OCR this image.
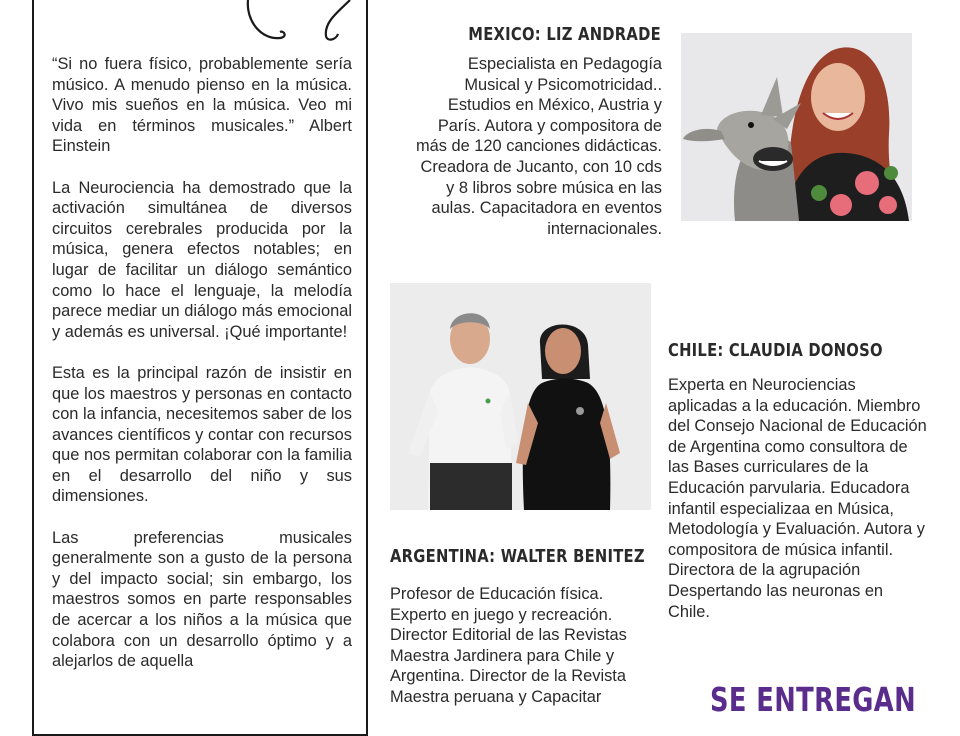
“Si no fuera físico, probablemente sería músico. A menudo pienso en la música. Vivo mis sueños en la música. Veo mi vida en términos musicales.” Albert Einstein

La Neurociencia ha demostrado que la activación simultánea de diversos circuitos cerebrales producida por la música, genera efectos notables; en lugar de facilitar un diálogo semántico como lo hace el lenguaje, la melodía parece mediar un diálogo más emocional y además es universal. ¡Qué importante!

Esta es la principal razón de insistir en que los maestros y personas en contacto con la infancia, necesitemos saber de los avances científicos y contar con recursos que nos permitan colaborar con la familia en el desarrollo del niño y sus dimensiones.

Las preferencias musicales generalmente son a gusto de la persona y del impacto social; sin embargo, los maestros somos en parte responsables de acercar a los niños a la música que colabora con un desarrollo óptimo y a alejarlos de aquella

MEXICO: LIZ ANDRADE
Especialista en Pedagogía Musical y Psicomotricidad.. Estudios en México, Austria y París. Autora y compositora de más de 120 canciones didácticas. Creadora de Jucanto, con 10 cds y 8 libros sobre música en las aulas. Capacitadora en eventos internacionales.
CHILE: CLAUDIA DONOSO
Experta en Neurociencias aplicadas a la educación. Miembro del Consejo Nacional de Educación de Argentina como consultora de las Bases curriculares de la Educación parvularia. Educadora infantil especializaa en Música, Metodología y Evaluación. Autora y compositora de música infantil. Directora de la agrupación Despertando las neuronas en Chile.
ARGENTINA: WALTER BENITEZ
Profesor de Educación física. Experto en juego y recreación. Director Editorial de las Revistas Maestra Jardinera para Chile y Argentina. Director de la Revista Maestra peruana y Capacitar	SE ENTREGAN
